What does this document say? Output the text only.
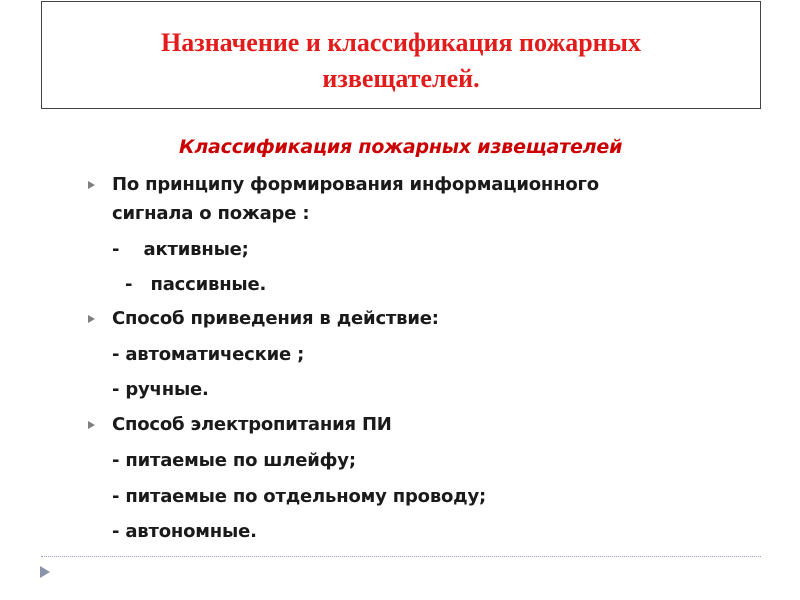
Назначение и классификация пожарных извещателей.
Классификация пожарных извещателей
По принципу формирования информационного
сигнала о пожаре :
-    активные;
-   пассивные.
Способ приведения в действие:
- автоматические ;
- ручные.
Способ электропитания ПИ
- питаемые по шлейфу;
- питаемые по отдельному проводу;
- автономные.
